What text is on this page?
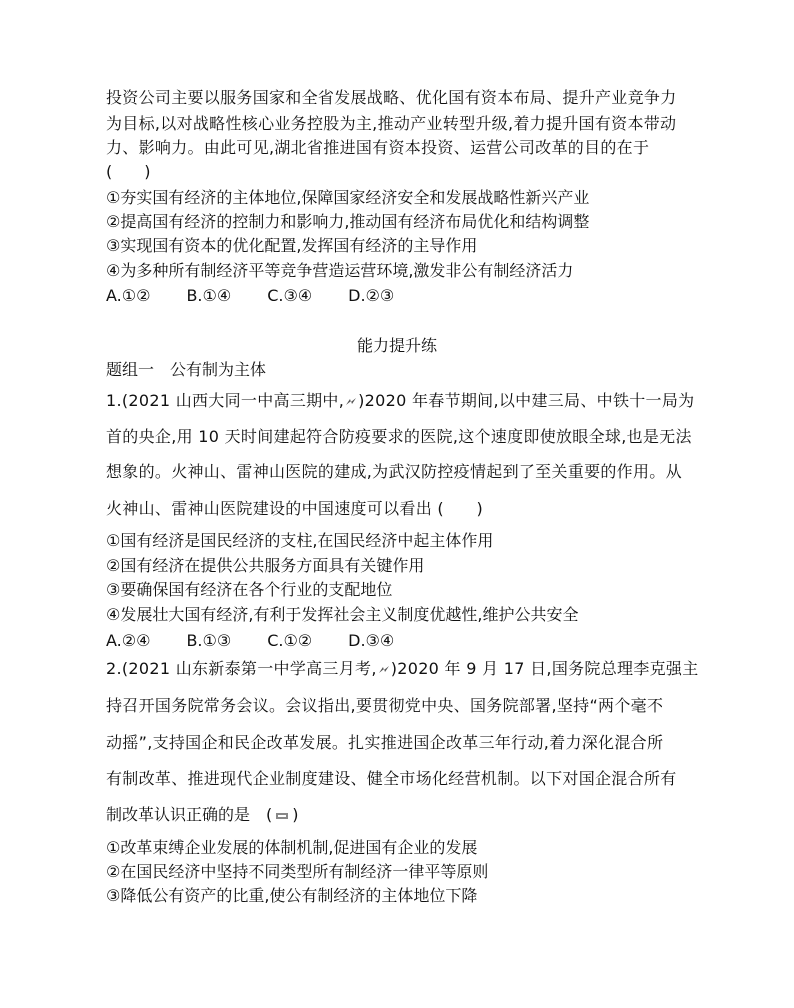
投资公司主要以服务国家和全省发展战略、优化国有资本布局、提升产业竞争力
为目标,以对战略性核心业务控股为主,推动产业转型升级,着力提升国有资本带动
力、影响力。由此可见,湖北省推进国有资本投资、运营公司改革的目的在于
(　　)
①夯实国有经济的主体地位,保障国家经济安全和发展战略性新兴产业
②提高国有经济的控制力和影响力,推动国有经济布局优化和结构调整
③实现国有资本的优化配置,发挥国有经济的主导作用
④为多种所有制经济平等竞争营造运营环境,激发非公有制经济活力
A.①② B.①④ C.③④ D.②③
能力提升练
题组一　公有制为主体
1.(2021 山西大同一中高三期中, )2020 年春节期间,以中建三局、中铁十一局为
首的央企,用 10 天时间建起符合防疫要求的医院,这个速度即使放眼全球,也是无法
想象的。火神山、雷神山医院的建成,为武汉防控疫情起到了至关重要的作用。从
火神山、雷神山医院建设的中国速度可以看出 (　　)
①国有经济是国民经济的支柱,在国民经济中起主体作用
②国有经济在提供公共服务方面具有关键作用
③要确保国有经济在各个行业的支配地位
④发展壮大国有经济,有利于发挥社会主义制度优越性,维护公共安全
A.②④ B.①③ C.①② D.③④
2.(2021 山东新泰第一中学高三月考, )2020 年 9 月 17 日,国务院总理李克强主
持召开国务院常务会议。会议指出,要贯彻党中央、国务院部署,坚持“两个毫不
动摇”,支持国企和民企改革发展。扎实推进国企改革三年行动,着力深化混合所
有制改革、推进现代企业制度建设、健全市场化经营机制。以下对国企混合所有
制改革认识正确的是　( )
①改革束缚企业发展的体制机制,促进国有企业的发展
②在国民经济中坚持不同类型所有制经济一律平等原则
③降低公有资产的比重,使公有制经济的主体地位下降
